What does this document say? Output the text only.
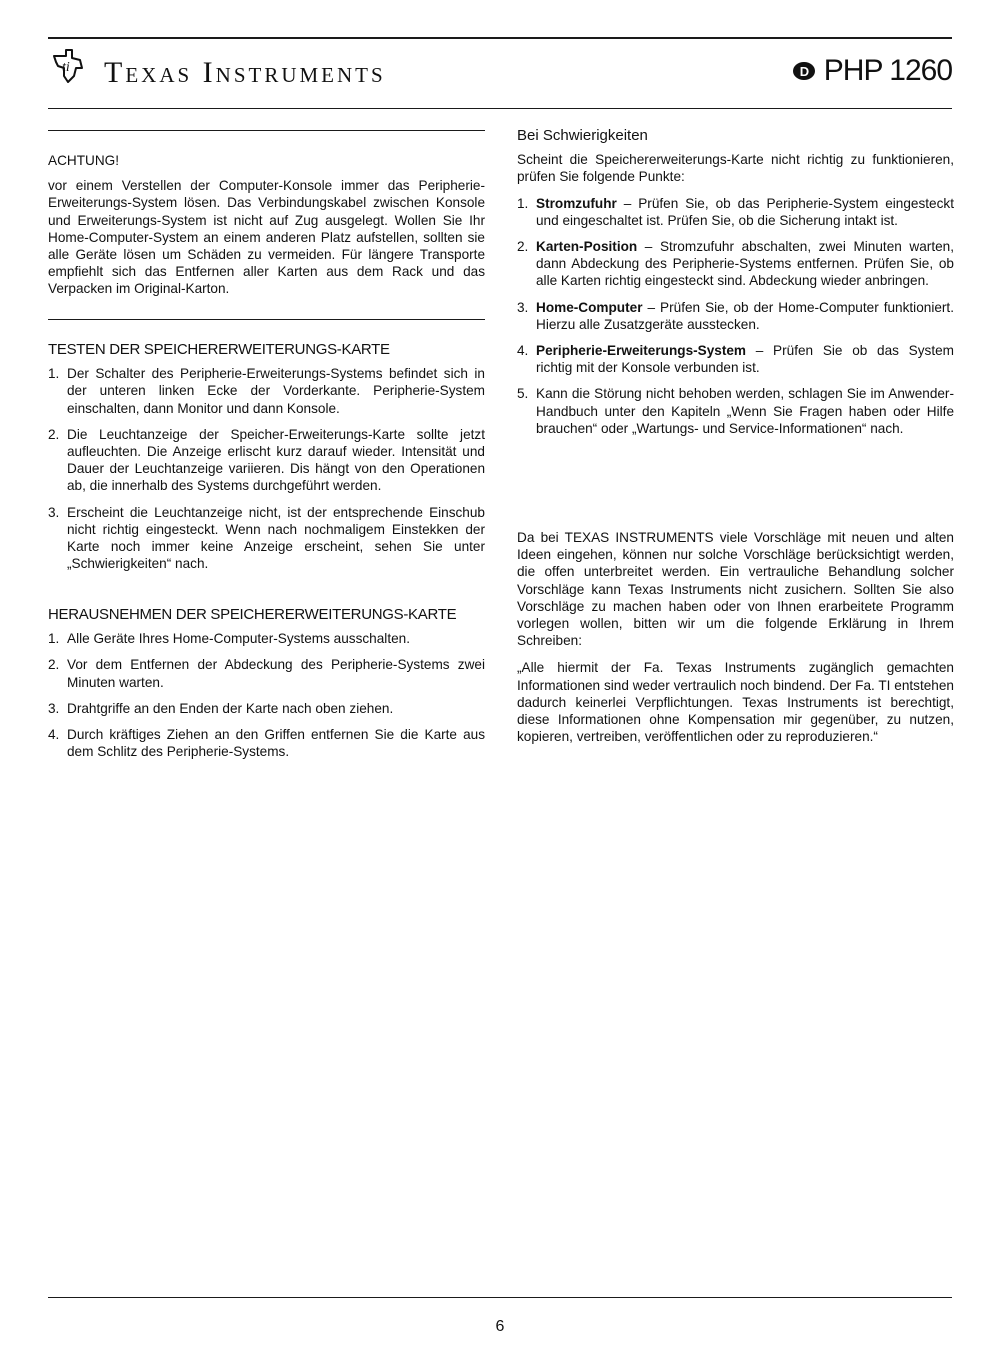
ti Texas Instruments	D PHP 1260
ACHTUNG!
vor einem Verstellen der Computer-Konsole immer das Peripherie-Erweiterungs-System lösen. Das Verbindungskabel zwischen Konsole und Erweiterungs-System ist nicht auf Zug ausgelegt. Wollen Sie Ihr Home-Computer-System an einem anderen Platz aufstellen, sollten sie alle Geräte lösen um Schäden zu vermeiden. Für längere Transporte empfiehlt sich das Entfernen aller Karten aus dem Rack und das Verpacken im Original-Karton.
TESTEN DER SPEICHERERWEITERUNGS-KARTE
1. Der Schalter des Peripherie-Erweiterungs-Systems befindet sich in der unteren linken Ecke der Vorderkante. Peripherie-System einschalten, dann Monitor und dann Konsole.
2. Die Leuchtanzeige der Speicher-Erweiterungs-Karte sollte jetzt aufleuchten. Die Anzeige erlischt kurz darauf wieder. Intensität und Dauer der Leuchtanzeige variieren. Dis hängt von den Operationen ab, die innerhalb des Systems durchgeführt werden.
3. Erscheint die Leuchtanzeige nicht, ist der entsprechende Einschub nicht richtig eingesteckt. Wenn nach nochmaligem Einstekken der Karte noch immer keine Anzeige erscheint, sehen Sie unter „Schwierigkeiten“ nach.
HERAUSNEHMEN DER SPEICHERERWEITERUNGS-KARTE
1. Alle Geräte Ihres Home-Computer-Systems ausschalten.
2. Vor dem Entfernen der Abdeckung des Peripherie-Systems zwei Minuten warten.
3. Drahtgriffe an den Enden der Karte nach oben ziehen.
4. Durch kräftiges Ziehen an den Griffen entfernen Sie die Karte aus dem Schlitz des Peripherie-Systems.
Bei Schwierigkeiten
Scheint die Speichererweiterungs-Karte nicht richtig zu funktionieren, prüfen Sie folgende Punkte:
1. Stromzufuhr – Prüfen Sie, ob das Peripherie-System eingesteckt und eingeschaltet ist. Prüfen Sie, ob die Sicherung intakt ist.
2. Karten-Position – Stromzufuhr abschalten, zwei Minuten warten, dann Abdeckung des Peripherie-Systems entfernen. Prüfen Sie, ob alle Karten richtig eingesteckt sind. Abdeckung wieder anbringen.
3. Home-Computer – Prüfen Sie, ob der Home-Computer funktioniert. Hierzu alle Zusatzgeräte ausstecken.
4. Peripherie-Erweiterungs-System – Prüfen Sie ob das System richtig mit der Konsole verbunden ist.
5. Kann die Störung nicht behoben werden, schlagen Sie im Anwender-Handbuch unter den Kapiteln „Wenn Sie Fragen haben oder Hilfe brauchen“ oder „Wartungs- und Service-Informationen“ nach.
Da bei TEXAS INSTRUMENTS viele Vorschläge mit neuen und alten Ideen eingehen, können nur solche Vorschläge berücksichtigt werden, die offen unterbreitet werden. Ein vertrauliche Behandlung solcher Vorschläge kann Texas Instruments nicht zusichern. Sollten Sie also Vorschläge zu machen haben oder von Ihnen erarbeitete Programm vorlegen wollen, bitten wir um die folgende Erklärung in Ihrem Schreiben:
„Alle hiermit der Fa. Texas Instruments zugänglich gemachten Informationen sind weder vertraulich noch bindend. Der Fa. TI entstehen dadurch keinerlei Verpflichtungen. Texas Instruments ist berechtigt, diese Informationen ohne Kompensation mir gegenüber, zu nutzen, kopieren, vertreiben, veröffentlichen oder zu reproduzieren.“
6
